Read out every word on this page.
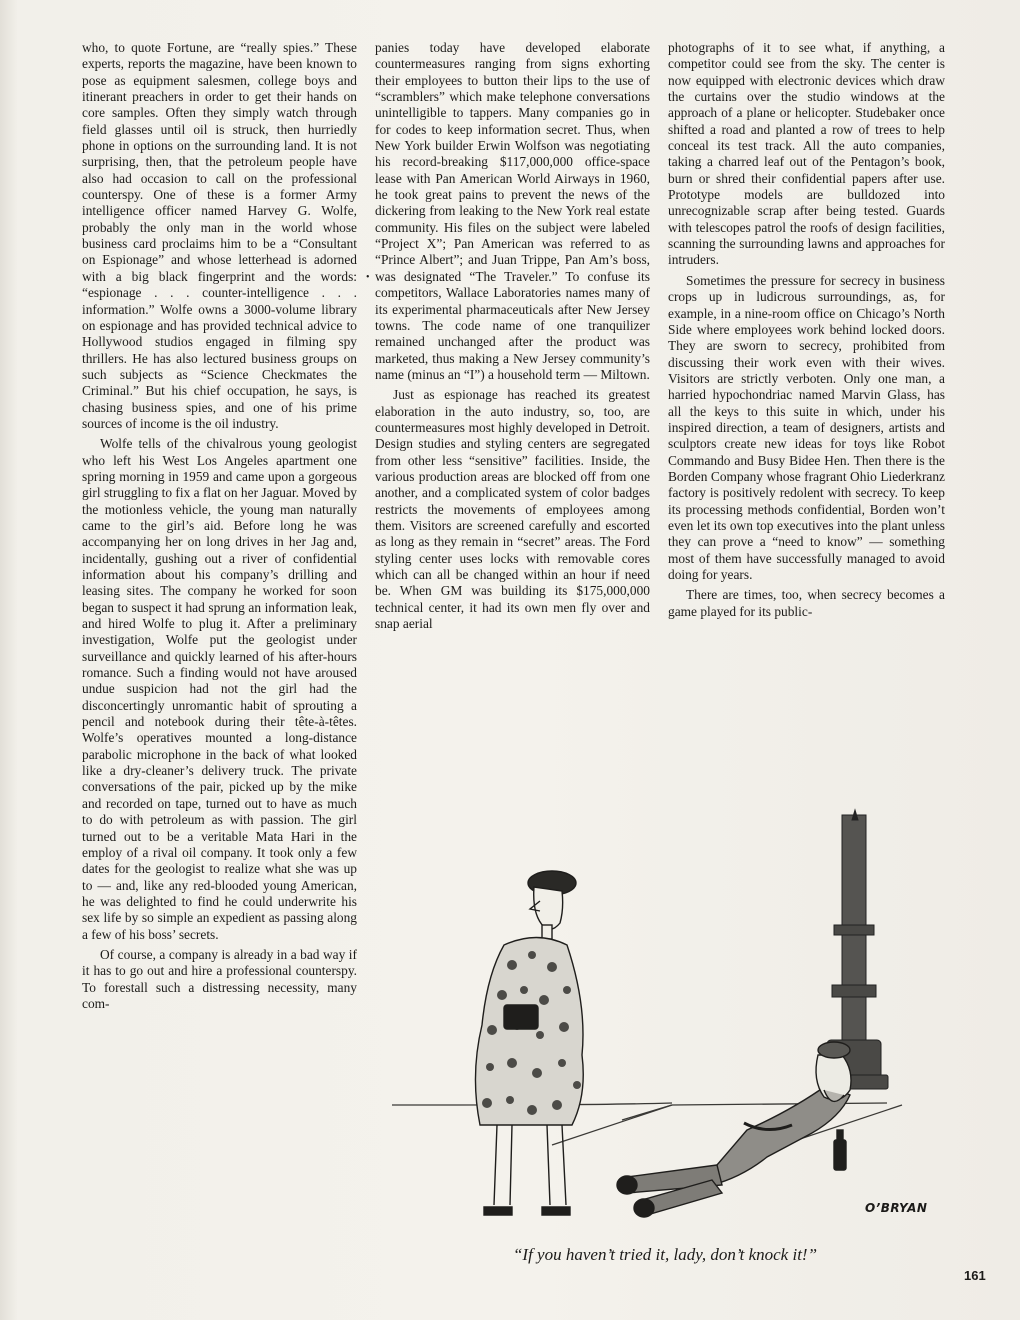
who, to quote Fortune, are “really spies.” These experts, reports the magazine, have been known to pose as equipment salesmen, college boys and itinerant preachers in order to get their hands on core samples. Often they simply watch through field glasses until oil is struck, then hurriedly phone in options on the surrounding land. It is not surprising, then, that the petroleum people have also had occasion to call on the professional counterspy. One of these is a former Army intelligence officer named Harvey G. Wolfe, probably the only man in the world whose business card proclaims him to be a “Consultant on Espionage” and whose letterhead is adorned with a big black fingerprint and the words: “espionage . . . counter-intelligence . . . information.” Wolfe owns a 3000-volume library on espionage and has provided technical advice to Hollywood studios engaged in filming spy thrillers. He has also lectured business groups on such subjects as “Science Checkmates the Criminal.” But his chief occupation, he says, is chasing business spies, and one of his prime sources of income is the oil industry.

Wolfe tells of the chivalrous young geologist who left his West Los Angeles apartment one spring morning in 1959 and came upon a gorgeous girl struggling to fix a flat on her Jaguar. Moved by the motionless vehicle, the young man naturally came to the girl’s aid. Before long he was accompanying her on long drives in her Jag and, incidentally, gushing out a river of confidential information about his company’s drilling and leasing sites. The company he worked for soon began to suspect it had sprung an information leak, and hired Wolfe to plug it. After a preliminary investigation, Wolfe put the geologist under surveillance and quickly learned of his after-hours romance. Such a finding would not have aroused undue suspicion had not the girl had the disconcertingly unromantic habit of sprouting a pencil and notebook during their tête-à-têtes. Wolfe’s operatives mounted a long-distance parabolic microphone in the back of what looked like a dry-cleaner’s delivery truck. The private conversations of the pair, picked up by the mike and recorded on tape, turned out to have as much to do with petroleum as with passion. The girl turned out to be a veritable Mata Hari in the employ of a rival oil company. It took only a few dates for the geologist to realize what she was up to — and, like any red-blooded young American, he was delighted to find he could underwrite his sex life by so simple an expedient as passing along a few of his boss’ secrets.

Of course, a company is already in a bad way if it has to go out and hire a professional counterspy. To forestall such a distressing necessity, many com-

panies today have developed elaborate countermeasures ranging from signs exhorting their employees to button their lips to the use of “scramblers” which make telephone conversations unintelligible to tappers. Many companies go in for codes to keep information secret. Thus, when New York builder Erwin Wolfson was negotiating his record-breaking $117,000,000 office-space lease with Pan American World Airways in 1960, he took great pains to prevent the news of the dickering from leaking to the New York real estate community. His files on the subject were labeled “Project X”; Pan American was referred to as “Prince Albert”; and Juan Trippe, Pan Am’s boss, was designated “The Traveler.” To confuse its competitors, Wallace Laboratories names many of its experimental pharmaceuticals after New Jersey towns. The code name of one tranquilizer remained unchanged after the product was marketed, thus making a New Jersey community’s name (minus an “I”) a household term — Miltown.

Just as espionage has reached its greatest elaboration in the auto industry, so, too, are countermeasures most highly developed in Detroit. Design studies and styling centers are segregated from other less “sensitive” facilities. Inside, the various production areas are blocked off from one another, and a complicated system of color badges restricts the movements of employees among them. Visitors are screened carefully and escorted as long as they remain in “secret” areas. The Ford styling center uses locks with removable cores which can all be changed within an hour if need be. When GM was building its $175,000,000 technical center, it had its own men fly over and snap aerial

photographs of it to see what, if anything, a competitor could see from the sky. The center is now equipped with electronic devices which draw the curtains over the studio windows at the approach of a plane or helicopter. Studebaker once shifted a road and planted a row of trees to help conceal its test track. All the auto companies, taking a charred leaf out of the Pentagon’s book, burn or shred their confidential papers after use. Prototype models are bulldozed into unrecognizable scrap after being tested. Guards with telescopes patrol the roofs of design facilities, scanning the surrounding lawns and approaches for intruders.

Sometimes the pressure for secrecy in business crops up in ludicrous surroundings, as, for example, in a nine-room office on Chicago’s North Side where employees work behind locked doors. They are sworn to secrecy, prohibited from discussing their work even with their wives. Visitors are strictly verboten. Only one man, a harried hypochondriac named Marvin Glass, has all the keys to this suite in which, under his inspired direction, a team of designers, artists and sculptors create new ideas for toys like Robot Commando and Busy Bidee Hen. Then there is the Borden Company whose fragrant Ohio Liederkranz factory is positively redolent with secrecy. To keep its processing methods confidential, Borden won’t even let its own top executives into the plant unless they can prove a “need to know” — something most of them have successfully managed to avoid doing for years.

There are times, too, when secrecy becomes a game played for its public-

•
O’BRYAN
“If you haven’t tried it, lady, don’t knock it!”
161
